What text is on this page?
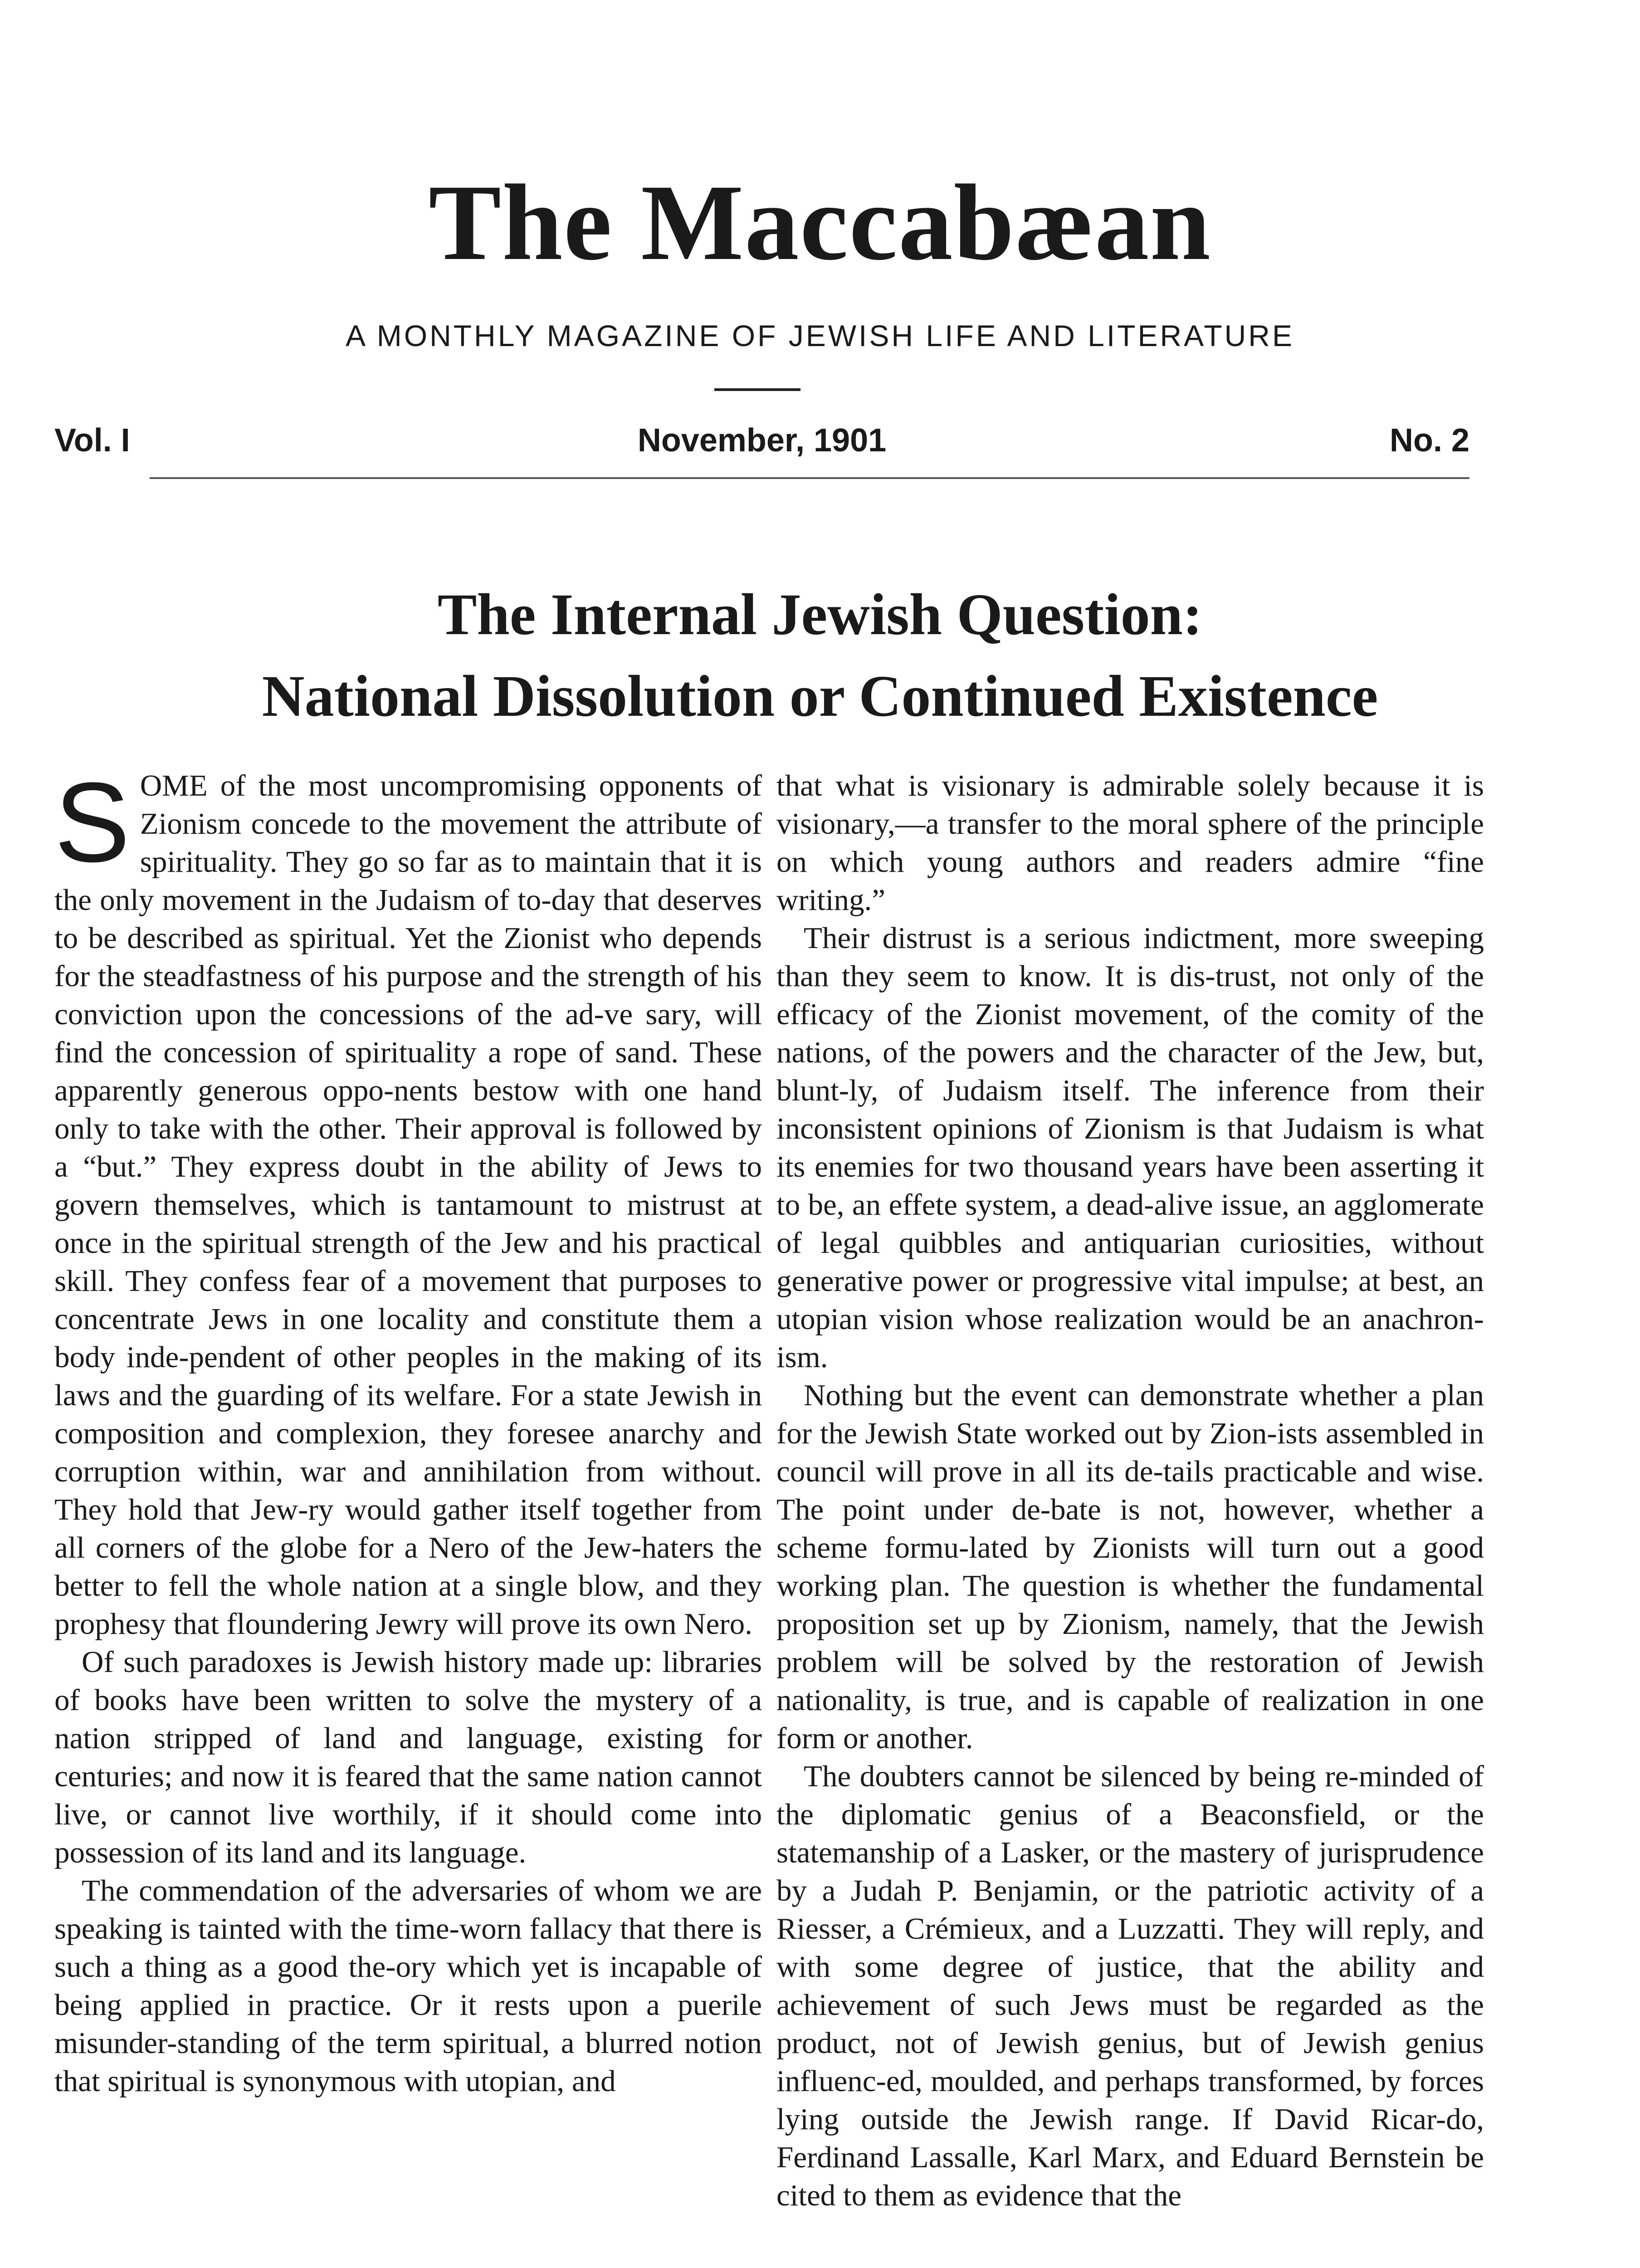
The Maccabæan
A MONTHLY MAGAZINE OF JEWISH LIFE AND LITERATURE
November, 1901
Vol. I	No. 2
The Internal Jewish Question:
National Dissolution or Continued Existence

SOME of the most uncompromising opponents of Zionism concede to the movement the attribute of spirituality. They go so far as to maintain that it is the only movement in the Judaism of to-day that deserves to be described as spiritual. Yet the Zionist who depends for the steadfastness of his purpose and the strength of his conviction upon the concessions of the ad-ve sary, will find the concession of spirituality a rope of sand. These apparently generous oppo-nents bestow with one hand only to take with the other. Their approval is followed by a “but.” They express doubt in the ability of Jews to govern themselves, which is tantamount to mistrust at once in the spiritual strength of the Jew and his practical skill. They confess fear of a movement that purposes to concentrate Jews in one locality and constitute them a body inde-pendent of other peoples in the making of its laws and the guarding of its welfare. For a state Jewish in composition and complexion, they foresee anarchy and corruption within, war and annihilation from without. They hold that Jew-ry would gather itself together from all corners of the globe for a Nero of the Jew-haters the better to fell the whole nation at a single blow, and they prophesy that floundering Jewry will prove its own Nero.

Of such paradoxes is Jewish history made up: libraries of books have been written to solve the mystery of a nation stripped of land and language, existing for centuries; and now it is feared that the same nation cannot live, or cannot live worthily, if it should come into possession of its land and its language.

The commendation of the adversaries of whom we are speaking is tainted with the time-worn fallacy that there is such a thing as a good the-ory which yet is incapable of being applied in practice. Or it rests upon a puerile misunder-standing of the term spiritual, a blurred notion that spiritual is synonymous with utopian, and

that what is visionary is admirable solely because it is visionary,—a transfer to the moral sphere of the principle on which young authors and readers admire “fine writing.”

Their distrust is a serious indictment, more sweeping than they seem to know. It is dis-trust, not only of the efficacy of the Zionist movement, of the comity of the nations, of the powers and the character of the Jew, but, blunt-ly, of Judaism itself. The inference from their inconsistent opinions of Zionism is that Judaism is what its enemies for two thousand years have been asserting it to be, an effete system, a dead-alive issue, an agglomerate of legal quibbles and antiquarian curiosities, without generative power or progressive vital impulse; at best, an utopian vision whose realization would be an anachron-ism.

Nothing but the event can demonstrate whether a plan for the Jewish State worked out by Zion-ists assembled in council will prove in all its de-tails practicable and wise. The point under de-bate is not, however, whether a scheme formu-lated by Zionists will turn out a good working plan. The question is whether the fundamental proposition set up by Zionism, namely, that the Jewish problem will be solved by the restoration of Jewish nationality, is true, and is capable of realization in one form or another.

The doubters cannot be silenced by being re-minded of the diplomatic genius of a Beaconsfield, or the statemanship of a Lasker, or the mastery of jurisprudence by a Judah P. Benjamin, or the patriotic activity of a Riesser, a Crémieux, and a Luzzatti. They will reply, and with some degree of justice, that the ability and achievement of such Jews must be regarded as the product, not of Jewish genius, but of Jewish genius influenc-ed, moulded, and perhaps transformed, by forces lying outside the Jewish range. If David Ricar-do, Ferdinand Lassalle, Karl Marx, and Eduard Bernstein be cited to them as evidence that the
